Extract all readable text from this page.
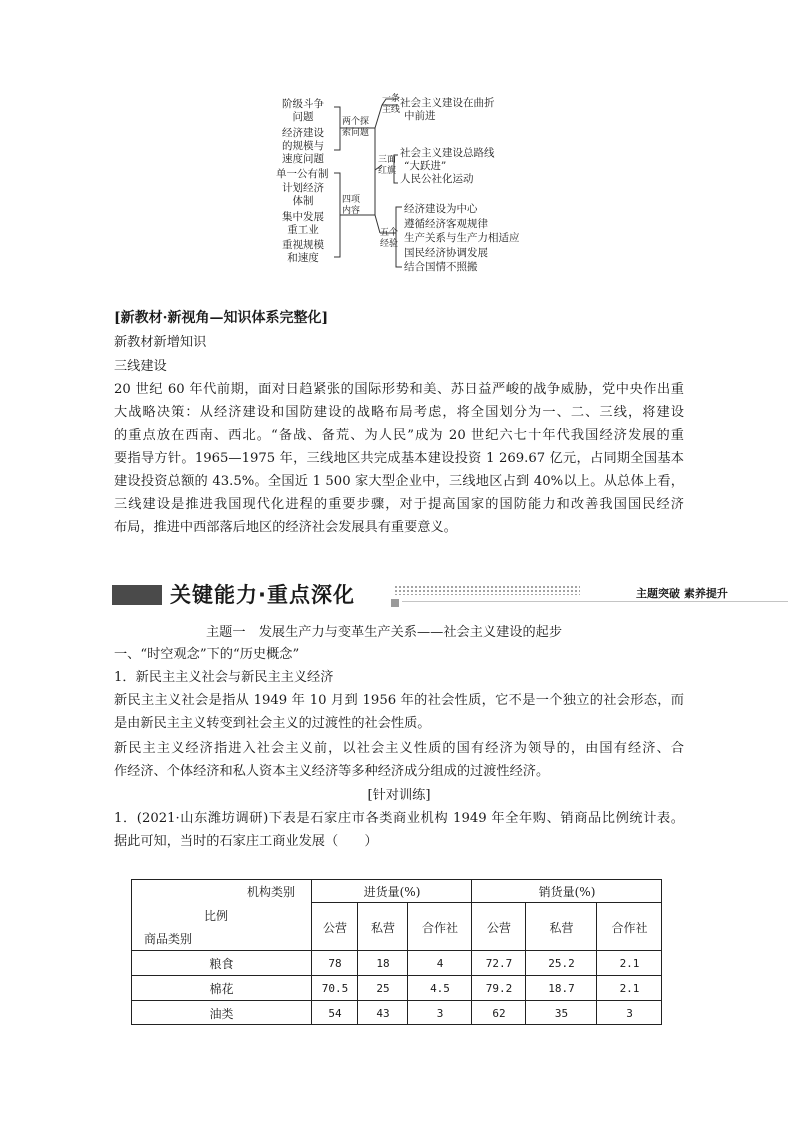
阶级斗争
问题
经济建设
的规模与
速度问题
单一公有制
计划经济
体制
集中发展
重工业
重视规模
和速度
两个探
索问题
四项
内容
一条
主线
三面
红旗
五个
经验
社会主义建设在曲折
中前进
社会主义建设总路线
“大跃进”
人民公社化运动
经济建设为中心
遵循经济客观规律
生产关系与生产力相适应
国民经济协调发展
结合国情不照搬
[新教材·新视角—知识体系完整化]
新教材新增知识
三线建设
20 世纪 60 年代前期，面对日趋紧张的国际形势和美、苏日益严峻的战争威胁，党中央作出重
大战略决策：从经济建设和国防建设的战略布局考虑，将全国划分为一、二、三线，将建设
的重点放在西南、西北。“备战、备荒、为人民”成为 20 世纪六七十年代我国经济发展的重
要指导方针。1965—1975 年，三线地区共完成基本建设投资 1 269.67 亿元，占同期全国基本
建设投资总额的 43.5%。全国近 1 500 家大型企业中，三线地区占到 40%以上。从总体上看，
三线建设是推进我国现代化进程的重要步骤，对于提高国家的国防能力和改善我国国民经济
布局，推进中西部落后地区的经济社会发展具有重要意义。
关键能力·重点深化	主题突破 素养提升
主题一　发展生产力与变革生产关系——社会主义建设的起步
一、“时空观念”下的“历史概念”
1．新民主主义社会与新民主主义经济
新民主主义社会是指从 1949 年 10 月到 1956 年的社会性质，它不是一个独立的社会形态，而
是由新民主主义转变到社会主义的过渡性的社会性质。
新民主主义经济指进入社会主义前，以社会主义性质的国有经济为领导的，由国有经济、合
作经济、个体经济和私人资本主义经济等多种经济成分组成的过渡性经济。
[针对训练]
1．(2021·山东潍坊调研)下表是石家庄市各类商业机构 1949 年全年购、销商品比例统计表。
据此可知，当时的石家庄工商业发展（　　）
机构类别
比例
商品类别
进货量(%)	销货量(%)
公营	私营	合作社	公营	私营	合作社
粮食	78	18	4	72.7	25.2	2.1
棉花	70.5	25	4.5	79.2	18.7	2.1
油类	54	43	3	62	35	3
